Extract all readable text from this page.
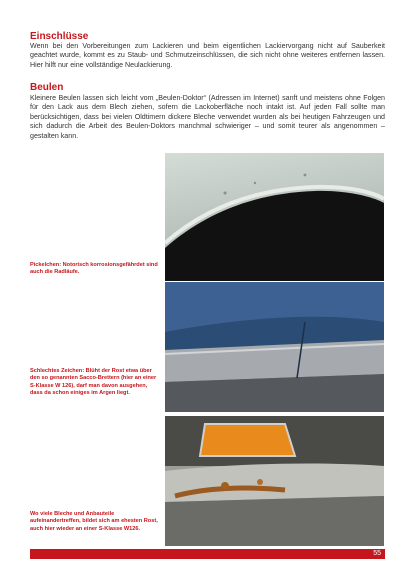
Einschlüsse

Wenn bei den Vorbereitungen zum Lackieren und beim eigentlichen Lackiervorgang nicht auf Sauberkeit geachtet wurde, kommt es zu Staub- und Schmutzeinschlüssen, die sich nicht ohne weiteres entfernen lassen. Hier hilft nur eine vollständige Neulackierung.

Beulen

Kleinere Beulen lassen sich leicht vom „Beulen-Doktor“ (Adressen im Internet) sanft und meistens ohne Folgen für den Lack aus dem Blech ziehen, sofern die Lackoberfläche noch intakt ist. Auf jeden Fall sollte man berücksichtigen, dass bei vielen Oldtimern dickere Bleche verwendet wurden als bei heutigen Fahrzeugen und sich dadurch die Arbeit des Beulen-Doktors manchmal schwieriger – und somit teurer als angenommen – gestalten kann.

Pickelchen: Notorisch korrosionsgefährdet sind auch die Radläufe.

Schlechtes Zeichen: Blüht der Rost etwa über den so genannten Sacco-Brettern (hier an einer S-Klasse W 126), darf man davon ausgehen, dass da schon einiges im Argen liegt.

Wo viele Bleche und Anbauteile aufeinandertreffen, bildet sich am ehesten Rost, auch hier wieder an einer S-Klasse W126.

55
